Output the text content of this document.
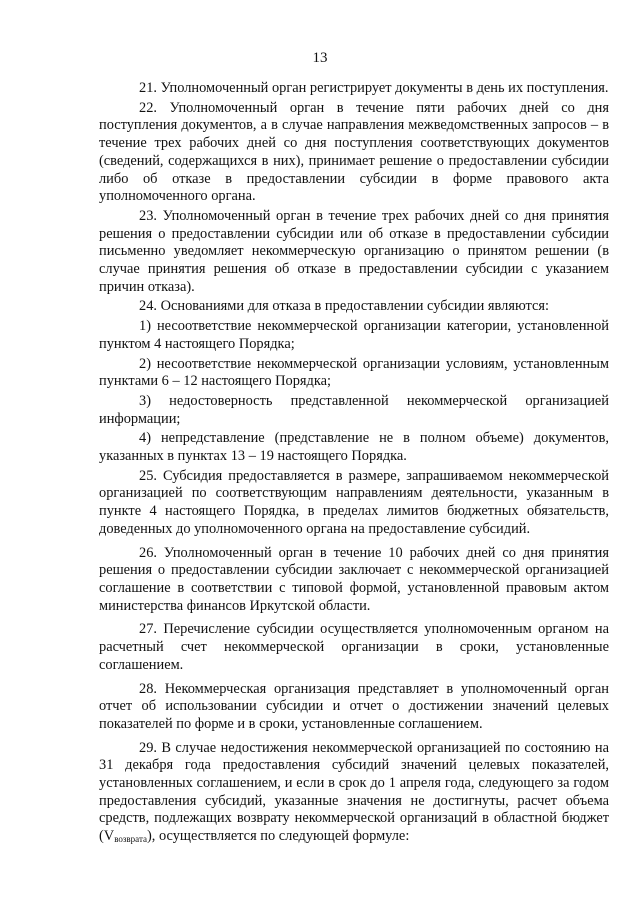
13

21. Уполномоченный орган регистрирует документы в день их поступления.

22. Уполномоченный орган в течение пяти рабочих дней со дня поступления документов, а в случае направления межведомственных запросов – в течение трех рабочих дней со дня поступления соответствующих документов (сведений, содержащихся в них), принимает решение о предоставлении субсидии либо об отказе в предоставлении субсидии в форме правового акта уполномоченного органа.

23. Уполномоченный орган в течение трех рабочих дней со дня принятия решения о предоставлении субсидии или об отказе в предоставлении субсидии письменно уведомляет некоммерческую организацию о принятом решении (в случае принятия решения об отказе в предоставлении субсидии с указанием причин отказа).

24. Основаниями для отказа в предоставлении субсидии являются:

1) несоответствие некоммерческой организации категории, установленной пунктом 4 настоящего Порядка;

2) несоответствие некоммерческой организации условиям, установленным пунктами 6 – 12 настоящего Порядка;

3) недостоверность представленной некоммерческой организацией информации;

4) непредставление (представление не в полном объеме) документов, указанных в пунктах 13 – 19 настоящего Порядка.

25. Субсидия предоставляется в размере, запрашиваемом некоммерческой организацией по соответствующим направлениям деятельности, указанным в пункте 4 настоящего Порядка, в пределах лимитов бюджетных обязательств, доведенных до уполномоченного органа на предоставление субсидий.

26. Уполномоченный орган в течение 10 рабочих дней со дня принятия решения о предоставлении субсидии заключает с некоммерческой организацией соглашение в соответствии с типовой формой, установленной правовым актом министерства финансов Иркутской области.

27. Перечисление субсидии осуществляется уполномоченным органом на расчетный счет некоммерческой организации в сроки, установленные соглашением.

28. Некоммерческая организация представляет в уполномоченный орган отчет об использовании субсидии и отчет о достижении значений целевых показателей по форме и в сроки, установленные соглашением.

29. В случае недостижения некоммерческой организацией по состоянию на 31 декабря года предоставления субсидий значений целевых показателей, установленных соглашением, и если в срок до 1 апреля года, следующего за годом предоставления субсидий, указанные значения не достигнуты, расчет объема средств, подлежащих возврату некоммерческой организаций в областной бюджет $(V_{возврата})$, осуществляется по следующей формуле:
